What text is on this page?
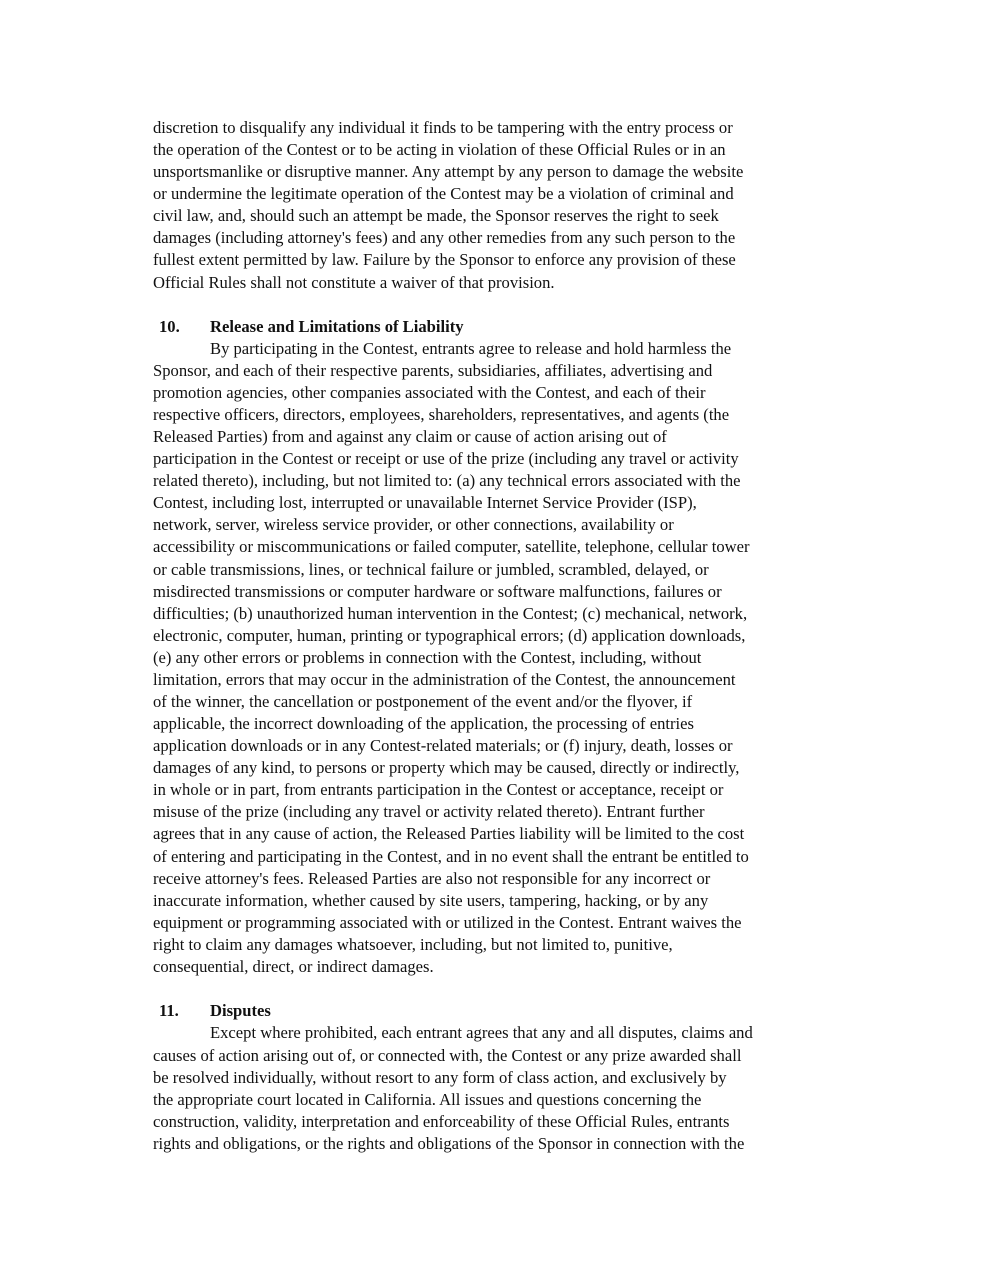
discretion to disqualify any individual it finds to be tampering with the entry process or
the operation of the Contest or to be acting in violation of these Official Rules or in an
unsportsmanlike or disruptive manner. Any attempt by any person to damage the website
or undermine the legitimate operation of the Contest may be a violation of criminal and
civil law, and, should such an attempt be made, the Sponsor reserves the right to seek
damages (including attorney's fees) and any other remedies from any such person to the
fullest extent permitted by law. Failure by the Sponsor to enforce any provision of these
Official Rules shall not constitute a waiver of that provision.
10. Release and Limitations of Liability
By participating in the Contest, entrants agree to release and hold harmless the
Sponsor, and each of their respective parents, subsidiaries, affiliates, advertising and
promotion agencies, other companies associated with the Contest, and each of their
respective officers, directors, employees, shareholders, representatives, and agents (the
Released Parties) from and against any claim or cause of action arising out of
participation in the Contest or receipt or use of the prize (including any travel or activity
related thereto), including, but not limited to: (a) any technical errors associated with the
Contest, including lost, interrupted or unavailable Internet Service Provider (ISP),
network, server, wireless service provider, or other connections, availability or
accessibility or miscommunications or failed computer, satellite, telephone, cellular tower
or cable transmissions, lines, or technical failure or jumbled, scrambled, delayed, or
misdirected transmissions or computer hardware or software malfunctions, failures or
difficulties; (b) unauthorized human intervention in the Contest; (c) mechanical, network,
electronic, computer, human, printing or typographical errors; (d) application downloads,
(e) any other errors or problems in connection with the Contest, including, without
limitation, errors that may occur in the administration of the Contest, the announcement
of the winner, the cancellation or postponement of the event and/or the flyover, if
applicable, the incorrect downloading of the application, the processing of entries
application downloads or in any Contest-related materials; or (f) injury, death, losses or
damages of any kind, to persons or property which may be caused, directly or indirectly,
in whole or in part, from entrants participation in the Contest or acceptance, receipt or
misuse of the prize (including any travel or activity related thereto). Entrant further
agrees that in any cause of action, the Released Parties liability will be limited to the cost
of entering and participating in the Contest, and in no event shall the entrant be entitled to
receive attorney's fees. Released Parties are also not responsible for any incorrect or
inaccurate information, whether caused by site users, tampering, hacking, or by any
equipment or programming associated with or utilized in the Contest. Entrant waives the
right to claim any damages whatsoever, including, but not limited to, punitive,
consequential, direct, or indirect damages.
11. Disputes
Except where prohibited, each entrant agrees that any and all disputes, claims and
causes of action arising out of, or connected with, the Contest or any prize awarded shall
be resolved individually, without resort to any form of class action, and exclusively by
the appropriate court located in California. All issues and questions concerning the
construction, validity, interpretation and enforceability of these Official Rules, entrants
rights and obligations, or the rights and obligations of the Sponsor in connection with the
